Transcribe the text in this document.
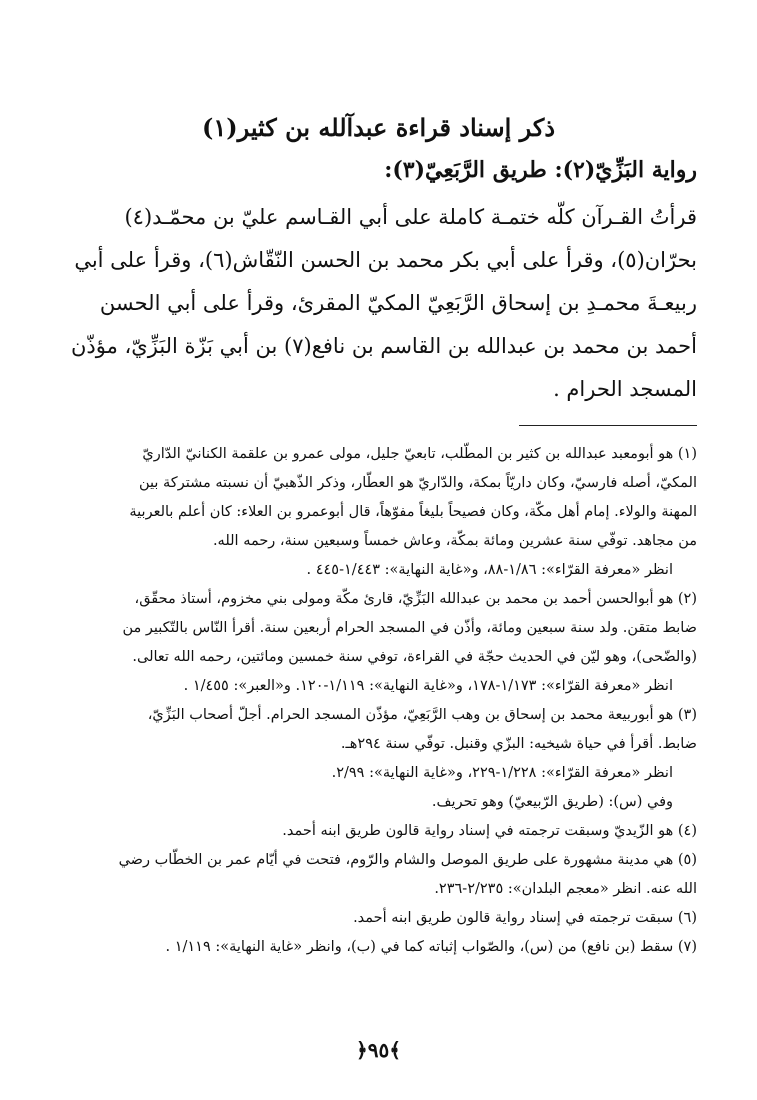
ذكر إسناد قراءة عبدآلله بن كثير(١)
رواية البَزِّيّ(٢): طريق الرَّبَعِيّ(٣):
قرأتُ القـرآن كلّه ختمـة كاملة على أبي القـاسم عليّ بن محمّـد(٤)
بحرّان(٥)، وقرأ على أبي بكر محمد بن الحسن النّقّاش(٦)، وقرأ على أبي
ربيعـةَ محمـدِ بن إسحاق الرَّبَعِيّ المكيّ المقرئ، وقرأ على أبي الحسن
أحمد بن محمد بن عبدالله بن القاسم بن نافع(٧) بن أبي بَزّة البَزِّيّ، مؤذّن
المسجد الحرام .
(١) هو أبومعبد عبدالله بن كثير بن المطّلب، تابعيّ جليل، مولى عمرو بن علقمة الكنانيّ الدّاريّ
المكيّ، أصله فارسيّ، وكان داريّاً بمكة، والدّاريّ هو العطّار، وذكر الذّهبيّ أن نسبته مشتركة بين
المهنة والولاء. إمام أهل مكّة، وكان فصيحاً بليغاً مفوّهاً، قال أبوعمرو بن العلاء: كان أعلم بالعربية
من مجاهد. توفّي سنة عشرين ومائة بمكّة، وعاش خمساً وسبعين سنة، رحمه الله.
انظر «معرفة القرّاء»: ١/٨٦-٨٨، و«غاية النهاية»: ١/٤٤٣-٤٤٥ .
(٢) هو أبوالحسن أحمد بن محمد بن عبدالله البَزِّيّ، قارئ مكّة ومولى بني مخزوم، أستاذ محقّق،
ضابط متقن. ولد سنة سبعين ومائة، وأذّن في المسجد الحرام أربعين سنة. أقرأ النّاس بالتّكبير من
(والضّحى)، وهو ليّن في الحديث حجّة في القراءة، توفي سنة خمسين ومائتين، رحمه الله تعالى.
انظر «معرفة القرّاء»: ١/١٧٣-١٧٨، و«غاية النهاية»: ١/١١٩-١٢٠. و«العبر»: ١/٤٥٥ .
(٣) هو أبوربيعة محمد بن إسحاق بن وهب الرَّبَعِيّ، مؤذّن المسجد الحرام. أجلّ أصحاب البَزِّيّ،
ضابط. أقرأ في حياة شيخيه: البزّي وقنبل. توفّي سنة ٢٩٤هـ.
انظر «معرفة القرّاء»: ١/٢٢٨-٢٢٩، و«غاية النهاية»: ٢/٩٩.
وفي (س): (طريق الرّبيعيّ) وهو تحريف.
(٤) هو الزّيديّ وسبقت ترجمته في إسناد رواية قالون طريق ابنه أحمد.
(٥) هي مدينة مشهورة على طريق الموصل والشام والرّوم، فتحت في أيّام عمر بن الخطّاب رضي
الله عنه. انظر «معجم البلدان»: ٢/٢٣٥-٢٣٦.
(٦) سبقت ترجمته في إسناد رواية قالون طريق ابنه أحمد.
(٧) سقط (بن نافع) من (س)، والصّواب إثباته كما في (ب)، وانظر «غاية النهاية»: ١/١١٩ .
﴿٩٥﴾
